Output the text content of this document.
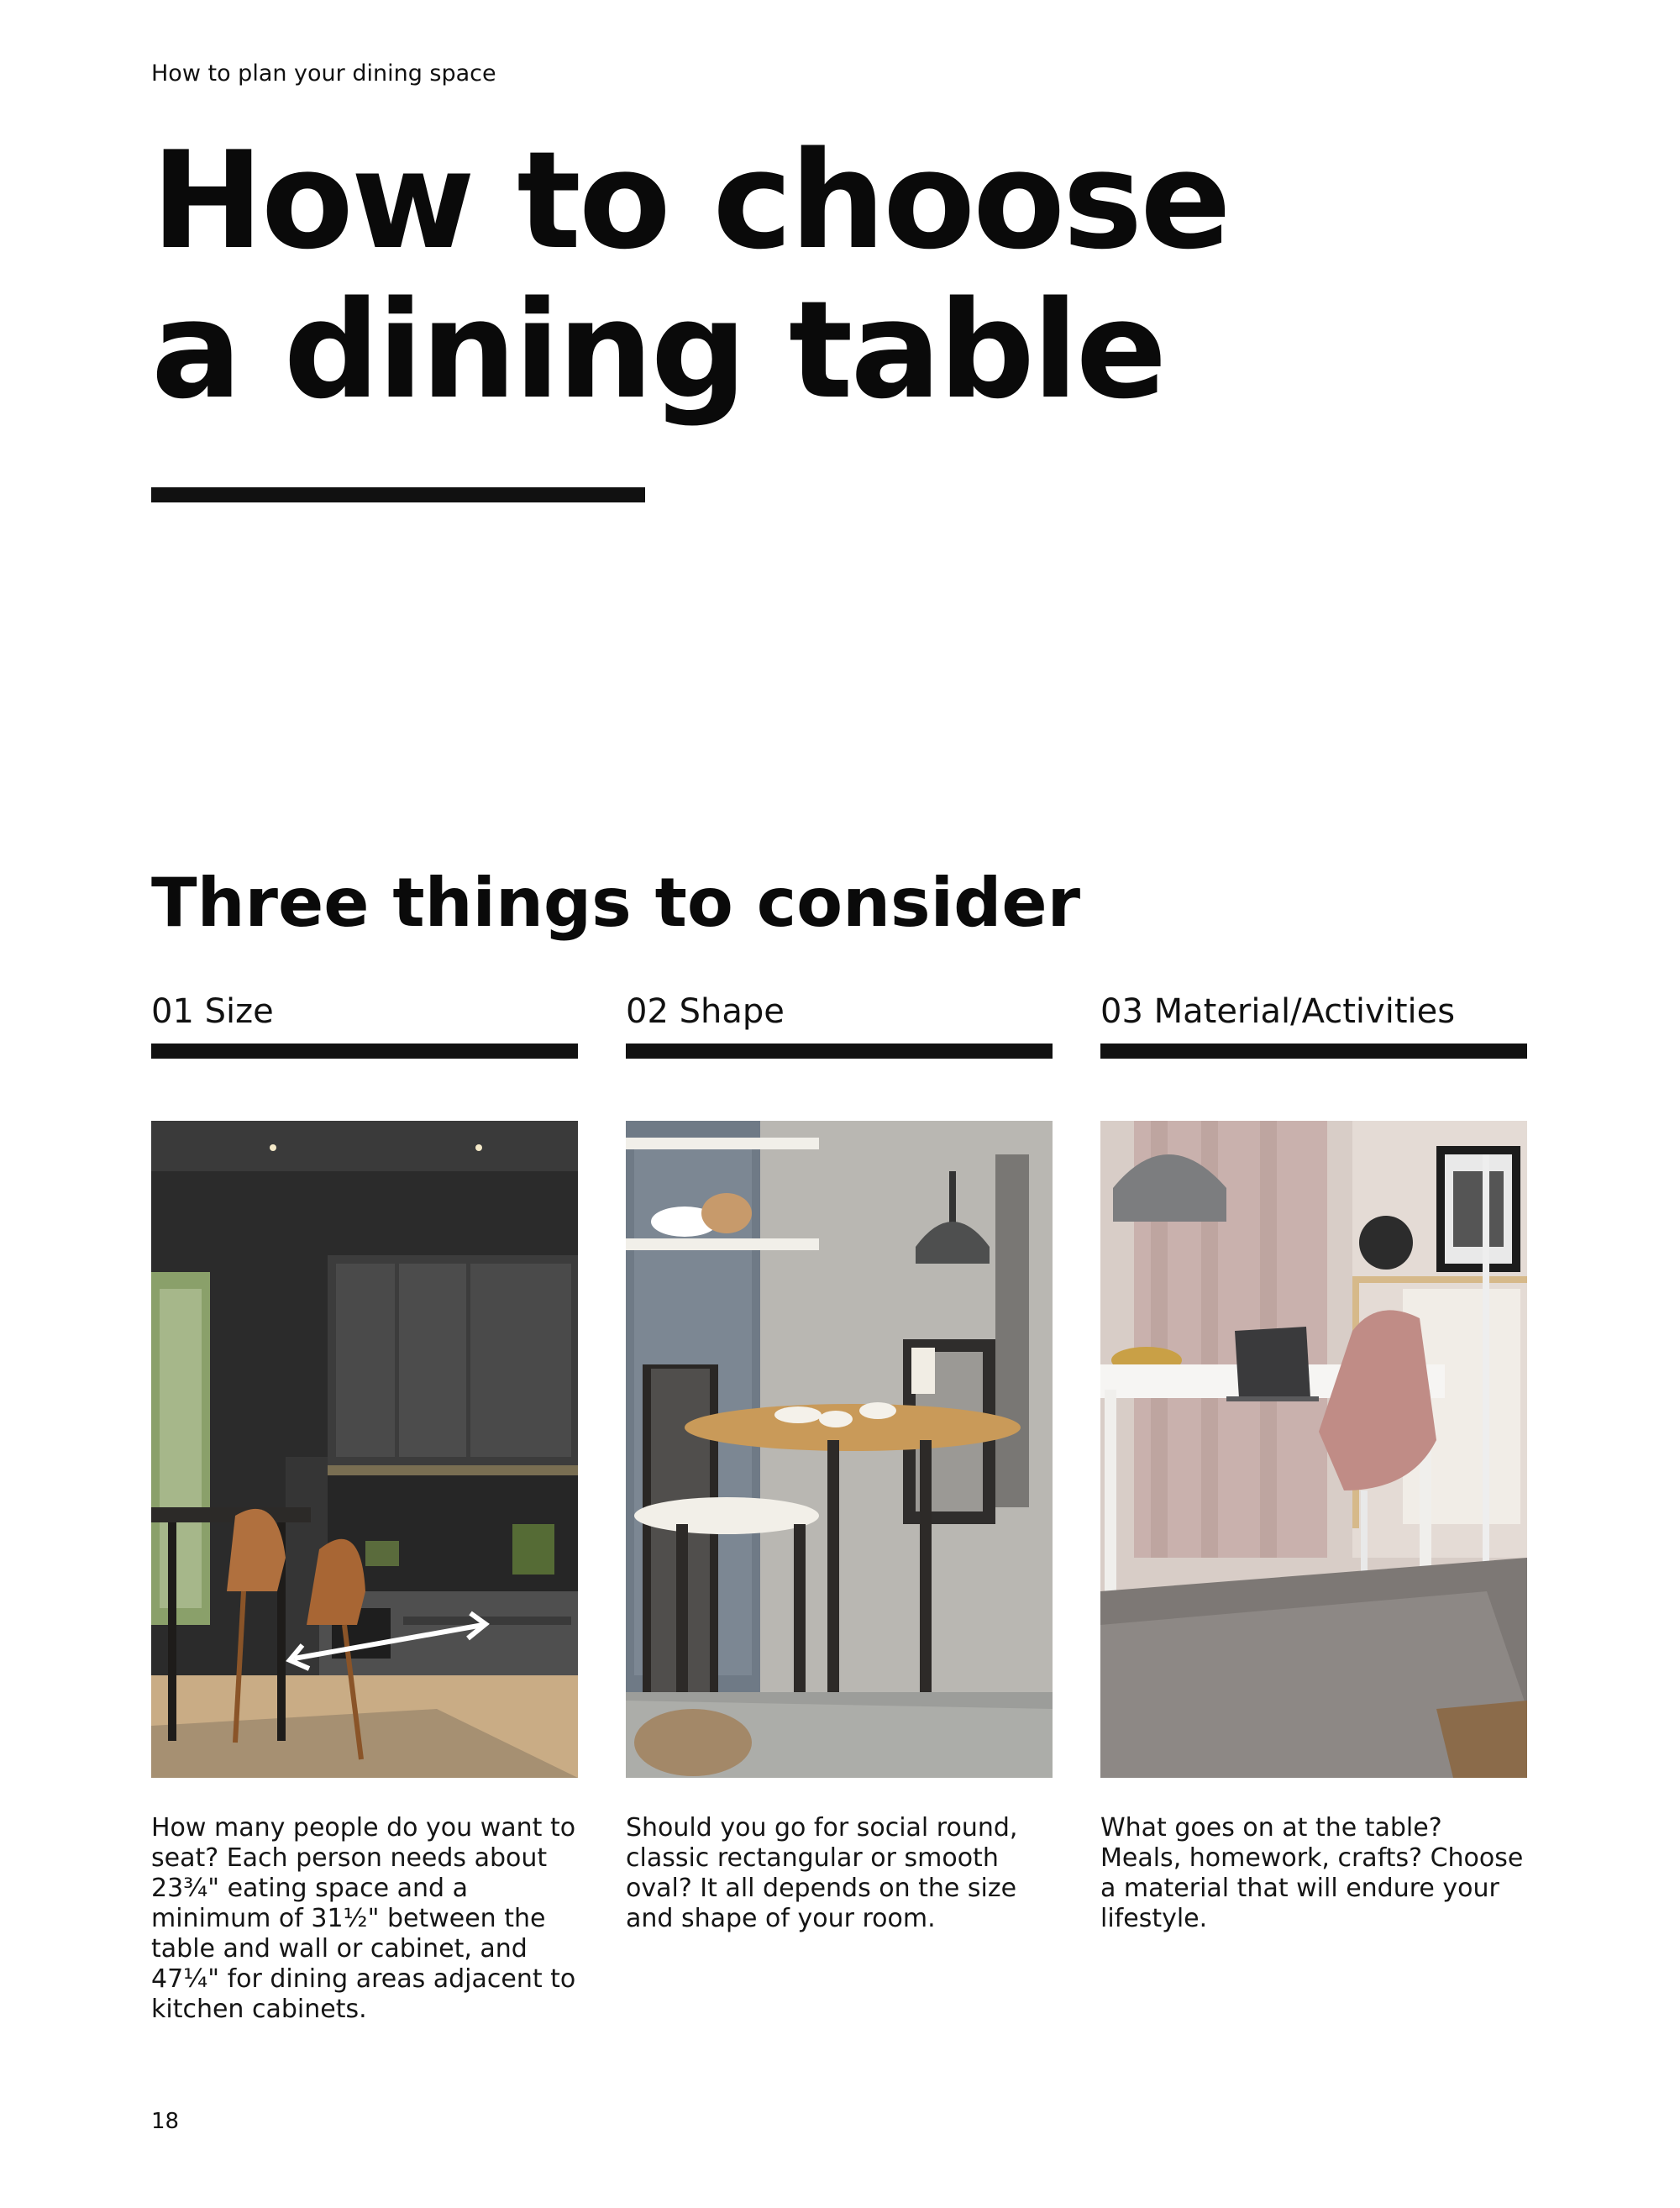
How to plan your dining space
How to choose
a dining table
Three things to consider
01 Size
How many people do you want to seat? Each person needs about 23¾" eating space and a minimum of 31½" between the table and wall or cabinet, and 47¼" for dining areas adjacent to kitchen cabinets.
02 Shape
Should you go for social round, classic rectangular or smooth oval? It all depends on the size and shape of your room.
03 Material/Activities
What goes on at the table? Meals, homework, crafts? Choose a material that will endure your lifestyle.
18
